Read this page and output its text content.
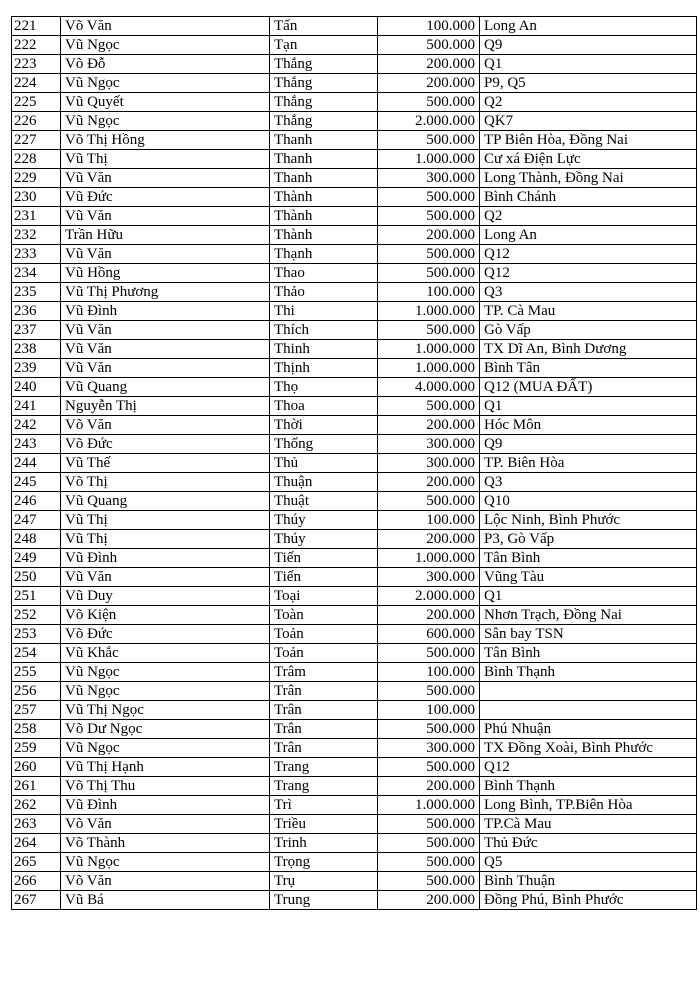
221	Võ Văn	Tấn	100.000	Long An
222	Vũ Ngọc	Tạn	500.000	Q9
223	Võ Đỗ	Thắng	200.000	Q1
224	Vũ Ngọc	Thắng	200.000	P9, Q5
225	Vũ Quyết	Thắng	500.000	Q2
226	Vũ Ngọc	Thắng	2.000.000	QK7
227	Võ Thị Hồng	Thanh	500.000	TP Biên Hòa, Đồng Nai
228	Vũ Thị	Thanh	1.000.000	Cư xá Điện Lực
229	Vũ Văn	Thanh	300.000	Long Thành, Đồng Nai
230	Vũ Đức	Thành	500.000	Bình Chánh
231	Vũ Văn	Thành	500.000	Q2
232	Trần Hữu	Thành	200.000	Long An
233	Vũ Văn	Thạnh	500.000	Q12
234	Vũ Hồng	Thao	500.000	Q12
235	Vũ Thị Phương	Thảo	100.000	Q3
236	Vũ Đình	Thi	1.000.000	TP. Cà Mau
237	Vũ Văn	Thích	500.000	Gò Vấp
238	Vũ Văn	Thinh	1.000.000	TX Dĩ An, Bình Dương
239	Vũ Văn	Thịnh	1.000.000	Bình Tân
240	Vũ Quang	Thọ	4.000.000	Q12 (MUA ĐẤT)
241	Nguyễn Thị	Thoa	500.000	Q1
242	Võ Văn	Thời	200.000	Hóc Môn
243	Võ Đức	Thống	300.000	Q9
244	Vũ Thế	Thủ	300.000	TP. Biên Hòa
245	Võ Thị	Thuận	200.000	Q3
246	Vũ Quang	Thuật	500.000	Q10
247	Vũ Thị	Thúy	100.000	Lộc Ninh, Bình Phước
248	Vũ Thị	Thúy	200.000	P3, Gò Vấp
249	Vũ Đình	Tiến	1.000.000	Tân Bình
250	Vũ Văn	Tiến	300.000	Vũng Tàu
251	Vũ Duy	Toại	2.000.000	Q1
252	Võ Kiện	Toàn	200.000	Nhơn Trạch, Đồng Nai
253	Võ Đức	Toản	600.000	Sân bay TSN
254	Vũ Khắc	Toản	500.000	Tân Bình
255	Vũ Ngọc	Trâm	100.000	Bình Thạnh
256	Vũ Ngọc	Trân	500.000	
257	Vũ Thị Ngọc	Trân	100.000	
258	Võ Dư Ngọc	Trân	500.000	Phú Nhuận
259	Vũ Ngọc	Trân	300.000	TX Đồng Xoài, Bình Phước
260	Vũ Thị Hạnh	Trang	500.000	Q12
261	Võ Thị Thu	Trang	200.000	Bình Thạnh
262	Vũ Đình	Trì	1.000.000	Long Bình, TP.Biên Hòa
263	Võ Văn	Triều	500.000	TP.Cà Mau
264	Võ Thành	Trinh	500.000	Thủ Đức
265	Vũ Ngọc	Trọng	500.000	Q5
266	Võ Văn	Trụ	500.000	Bình Thuận
267	Vũ Bá	Trung	200.000	Đồng Phú, Bình Phước
